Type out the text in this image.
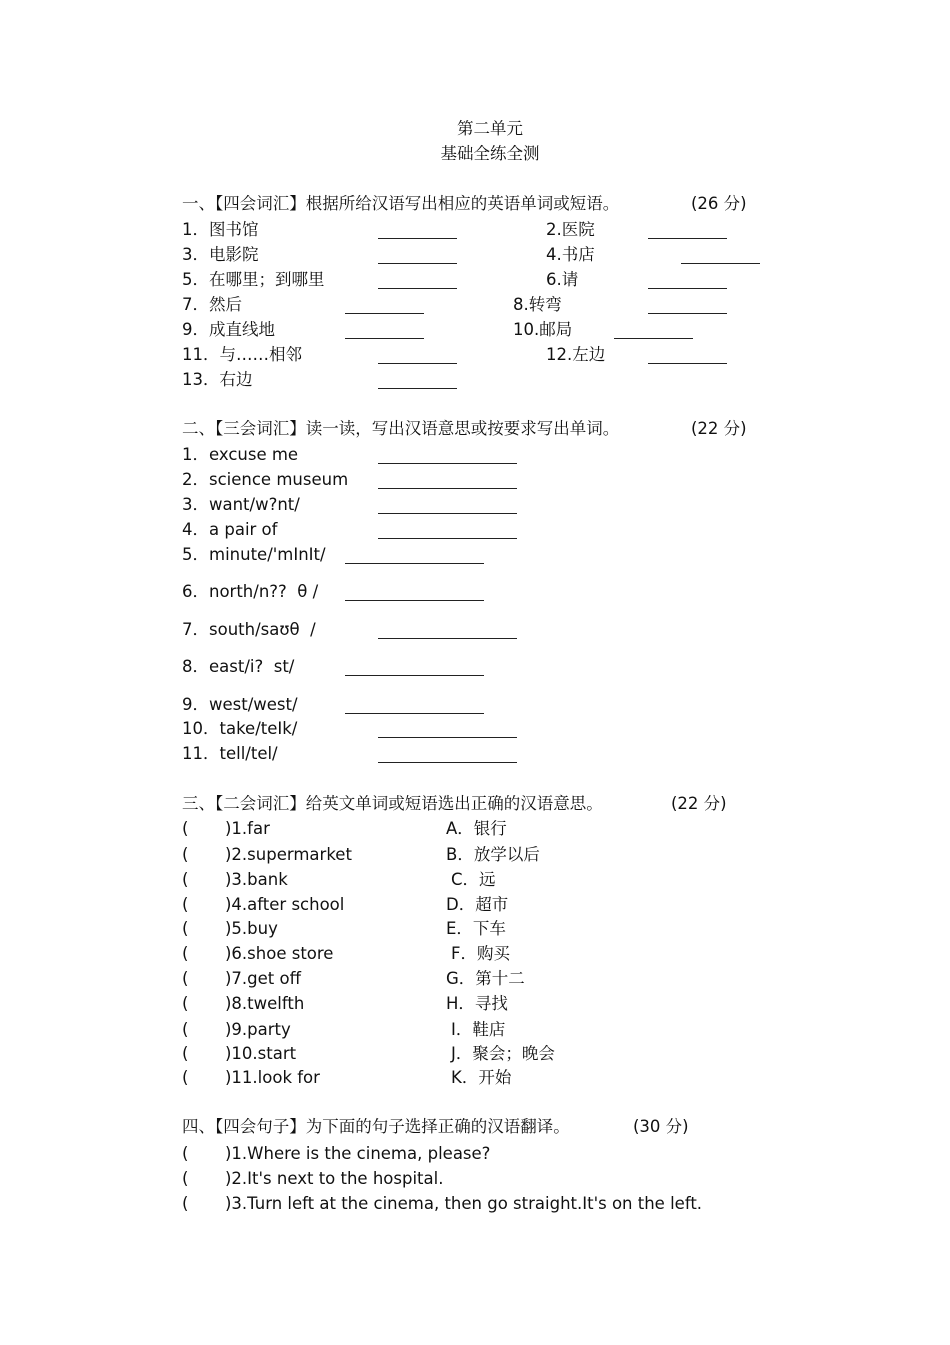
第二单元
基础全练全测
一、【四会词汇】根据所给汉语写出相应的英语单词或短语。	(26 分)
1．图书馆	2.医院
3．电影院	4.书店
5．在哪里；到哪里	6.请
7．然后	8.转弯
9．成直线地	10.邮局
11．与……相邻	12.左边
13．右边
二、【三会词汇】读一读，写出汉语意思或按要求写出单词。	(22 分)
1．excuse me
2．science museum
3．want/w?nt/
4．a pair of
5．minute/'mInIt/
6．north/n??  θ /
7．south/saʊθ  /
8．east/i?  st/
9．west/west/
10．take/teIk/
11．tell/tel/
三、【二会词汇】给英文单词或短语选出正确的汉语意思。	(22 分)
( )1.far	A．银行
( )2.supermarket	B．放学以后
( )3.bank	C．远
( )4.after school	D．超市
( )5.buy	E．下车
( )6.shoe store	F．购买
( )7.get off	G．第十二
( )8.twelfth	H．寻找
( )9.party	I．鞋店
( )10.start	J．聚会；晚会
( )11.look for	K．开始
四、【四会句子】为下面的句子选择正确的汉语翻译。	(30 分)
( )1.Where is the cinema, please?
( )2.It's next to the hospital.
( )3.Turn left at the cinema, then go straight.It's on the left.
